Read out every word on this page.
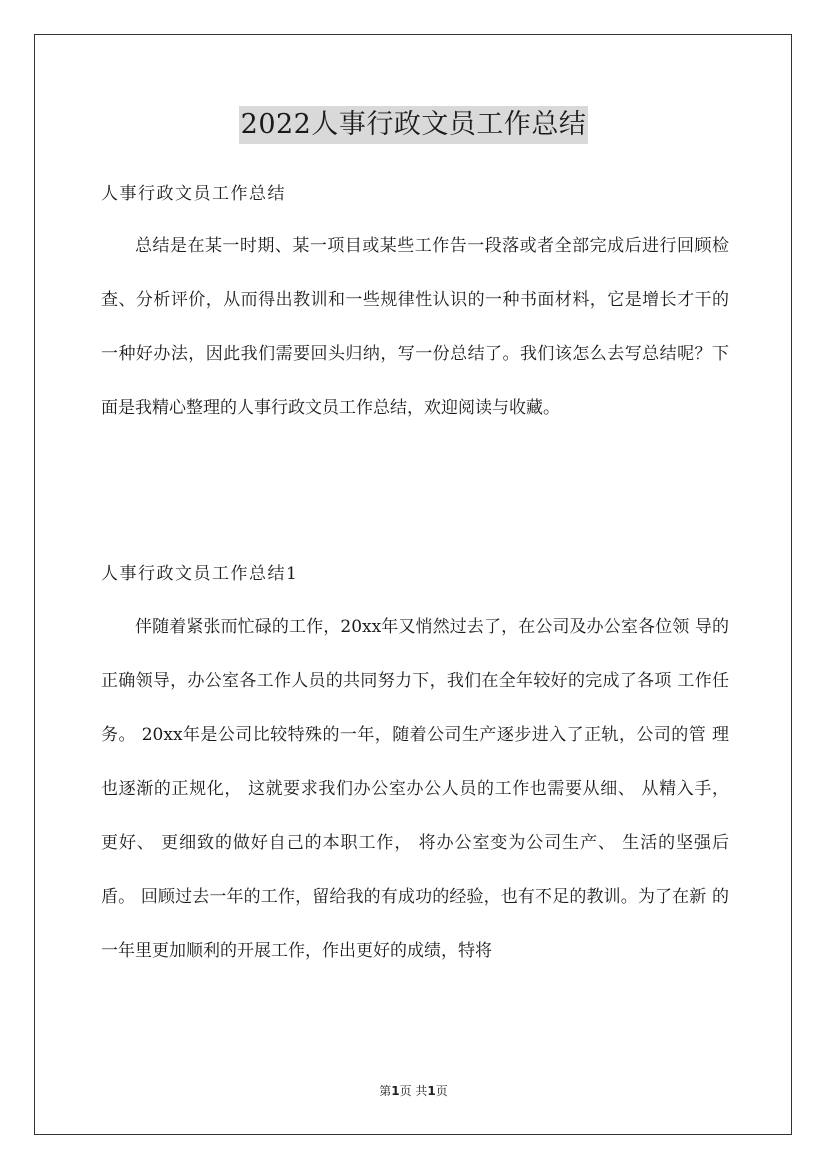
2022人事行政文员工作总结

人事行政文员工作总结

总结是在某一时期、某一项目或某些工作告一段落或者全部完成后进行回顾检查、分析评价，从而得出教训和一些规律性认识的一种书面材料，它是增长才干的一种好办法，因此我们需要回头归纳，写一份总结了。我们该怎么去写总结呢？下面是我精心整理的人事行政文员工作总结，欢迎阅读与收藏。

人事行政文员工作总结1

伴随着紧张而忙碌的工作，20xx年又悄然过去了，在公司及办公室各位领 导的正确领导，办公室各工作人员的共同努力下，我们在全年较好的完成了各项 工作任务。 20xx年是公司比较特殊的一年，随着公司生产逐步进入了正轨，公司的管 理也逐渐的正规化， 这就要求我们办公室办公人员的工作也需要从细、 从精入手， 更好、 更细致的做好自己的本职工作， 将办公室变为公司生产、 生活的坚强后盾。 回顾过去一年的工作，留给我的有成功的经验，也有不足的教训。为了在新 的一年里更加顺利的开展工作，作出更好的成绩，特将

第1页 共1页
